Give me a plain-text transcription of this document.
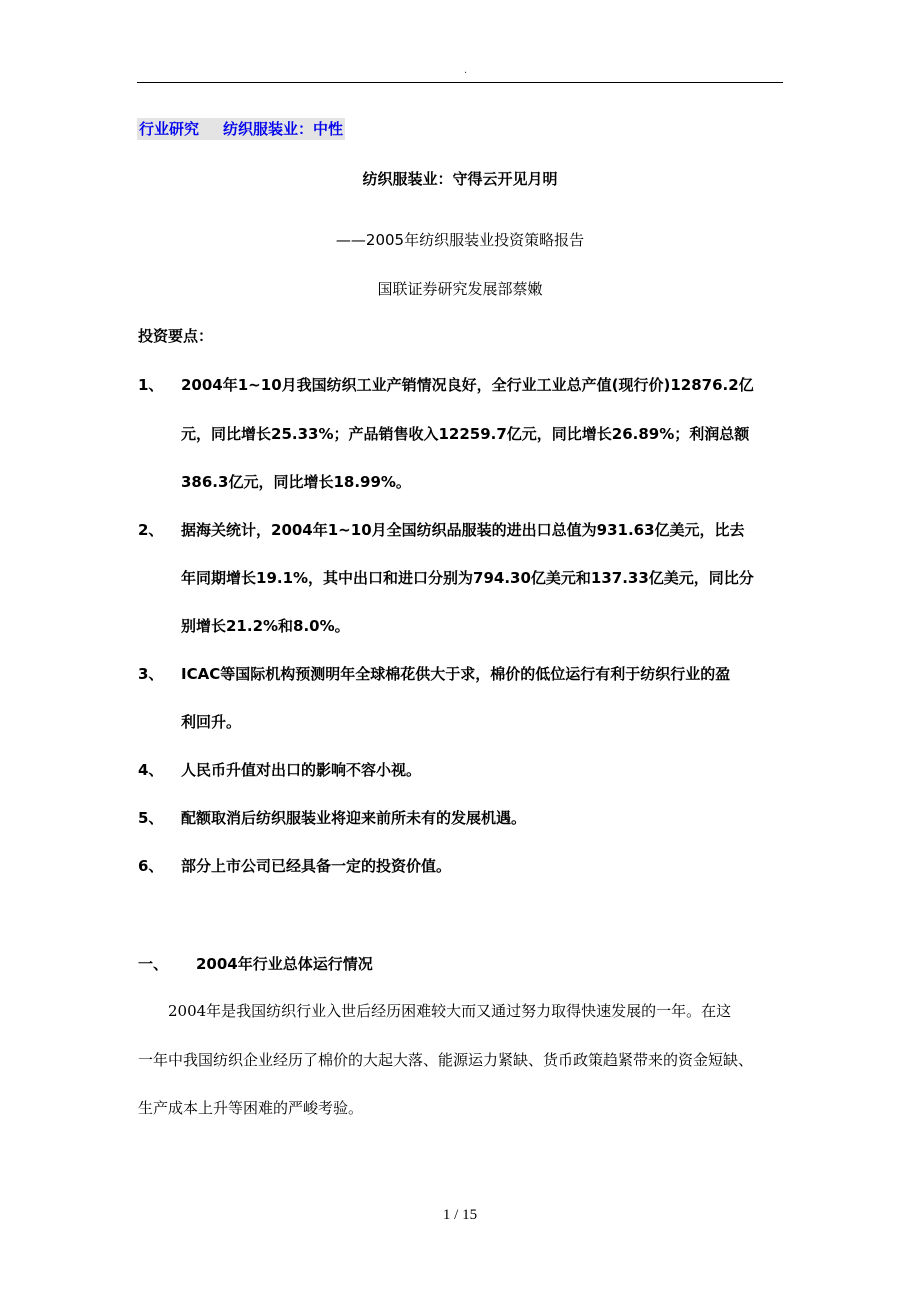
.
行业研究 纺织服装业：中性
纺织服装业：守得云开见月明
——2005年纺织服装业投资策略报告
国联证券研究发展部蔡嫩
投资要点：
1、 2004年1~10月我国纺织工业产销情况良好，全行业工业总产值(现行价)12876.2亿
元，同比增长25.33%；产品销售收入12259.7亿元，同比增长26.89%；利润总额
386.3亿元，同比增长18.99%。
2、 据海关统计，2004年1~10月全国纺织品服装的进出口总值为931.63亿美元，比去
年同期增长19.1%，其中出口和进口分别为794.30亿美元和137.33亿美元，同比分
别增长21.2%和8.0%。
3、 ICAC等国际机构预测明年全球棉花供大于求，棉价的低位运行有利于纺织行业的盈
利回升。
4、 人民币升值对出口的影响不容小视。
5、 配额取消后纺织服装业将迎来前所未有的发展机遇。
6、 部分上市公司已经具备一定的投资价值。
一、 2004年行业总体运行情况
　　2004年是我国纺织行业入世后经历困难较大而又通过努力取得快速发展的一年。在这
一年中我国纺织企业经历了棉价的大起大落、能源运力紧缺、货币政策趋紧带来的资金短缺、
生产成本上升等困难的严峻考验。
1 / 15
